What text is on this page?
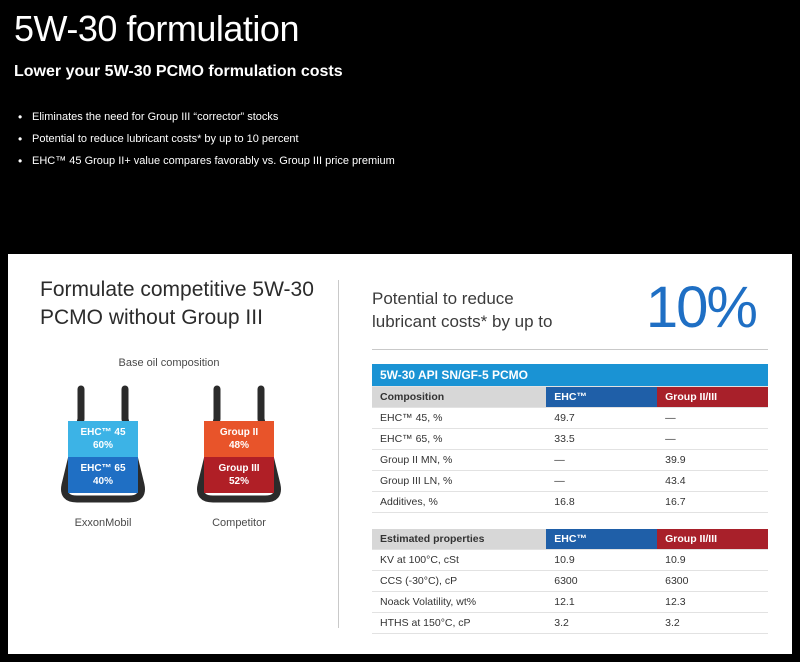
5W-30 formulation
Lower your 5W-30 PCMO formulation costs
• Eliminates the need for Group III “corrector” stocks
• Potential to reduce lubricant costs* by up to 10 percent
• EHC™ 45 Group II+ value compares favorably vs. Group III price premium
Formulate competitive 5W-30 PCMO without Group III
Base oil composition
EHC™ 45
60%
EHC™ 65
40%
ExxonMobil
Group II
48%
Group III
52%
Competitor
Potential to reduce lubricant costs* by up to	10%
5W-30 API SN/GF-5 PCMO		
Composition	EHC™	Group II/III
EHC™ 45, %	49.7	—
EHC™ 65, %	33.5	—
Group II MN, %	—	39.9
Group III LN, %	—	43.4
Additives, %	16.8	16.7
Estimated properties	EHC™	Group II/III
KV at 100°C, cSt	10.9	10.9
CCS (-30°C), cP	6300	6300
Noack Volatility, wt%	12.1	12.3
HTHS at 150°C, cP	3.2	3.2
